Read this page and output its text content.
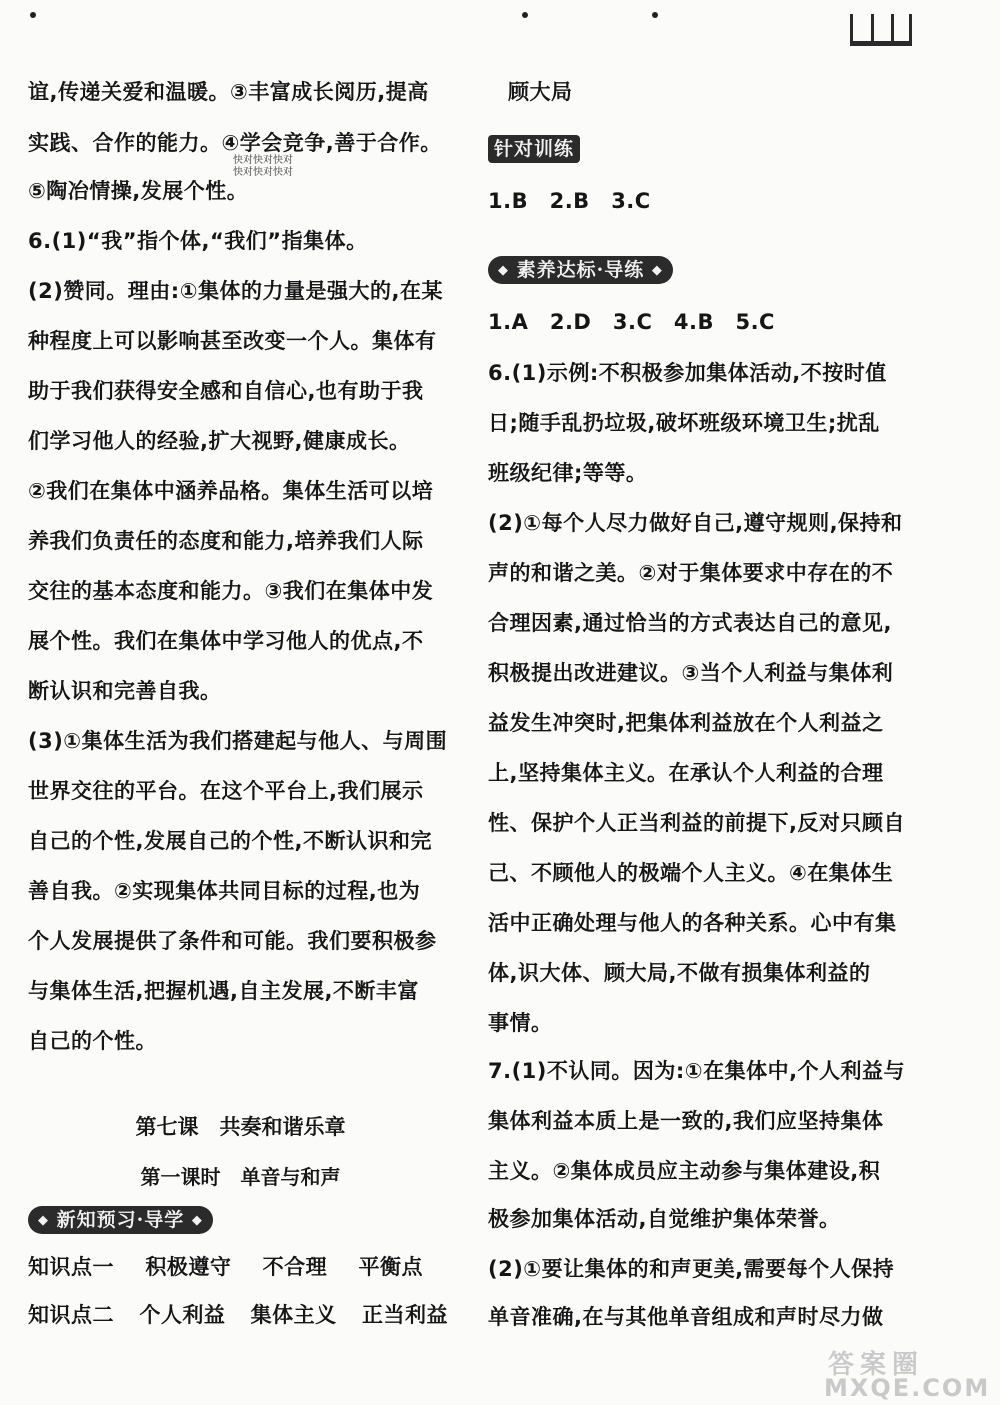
谊,传递关爱和温暖。③丰富成长阅历,提高
实践、合作的能力。④学会竞争,善于合作。
快对快对快对
快对快对快对
⑤陶冶情操,发展个性。
6.(1)“我”指个体,“我们”指集体。
(2)赞同。理由:①集体的力量是强大的,在某
种程度上可以影响甚至改变一个人。集体有
助于我们获得安全感和自信心,也有助于我
们学习他人的经验,扩大视野,健康成长。
②我们在集体中涵养品格。集体生活可以培
养我们负责任的态度和能力,培养我们人际
交往的基本态度和能力。③我们在集体中发
展个性。我们在集体中学习他人的优点,不
断认识和完善自我。
(3)①集体生活为我们搭建起与他人、与周围
世界交往的平台。在这个平台上,我们展示
自己的个性,发展自己的个性,不断认识和完
善自我。②实现集体共同目标的过程,也为
个人发展提供了条件和可能。我们要积极参
与集体生活,把握机遇,自主发展,不断丰富
自己的个性。
第七课　共奏和谐乐章
第一课时　单音与和声
◆ 新知预习·导学 ◆
知识点一 积极遵守 不合理 平衡点
知识点二 个人利益 集体主义 正当利益
顾大局
针对训练
1.B　2.B　3.C
◆ 素养达标·导练 ◆
1.A　2.D　3.C　4.B　5.C
6.(1)示例:不积极参加集体活动,不按时值
日;随手乱扔垃圾,破坏班级环境卫生;扰乱
班级纪律;等等。
(2)①每个人尽力做好自己,遵守规则,保持和
声的和谐之美。②对于集体要求中存在的不
合理因素,通过恰当的方式表达自己的意见,
积极提出改进建议。③当个人利益与集体利
益发生冲突时,把集体利益放在个人利益之
上,坚持集体主义。在承认个人利益的合理
性、保护个人正当利益的前提下,反对只顾自
己、不顾他人的极端个人主义。④在集体生
活中正确处理与他人的各种关系。心中有集
体,识大体、顾大局,不做有损集体利益的
事情。
7.(1)不认同。因为:①在集体中,个人利益与
集体利益本质上是一致的,我们应坚持集体
主义。②集体成员应主动参与集体建设,积
极参加集体活动,自觉维护集体荣誉。
(2)①要让集体的和声更美,需要每个人保持
单音准确,在与其他单音组成和声时尽力做
答案圈
MXQE.COM
